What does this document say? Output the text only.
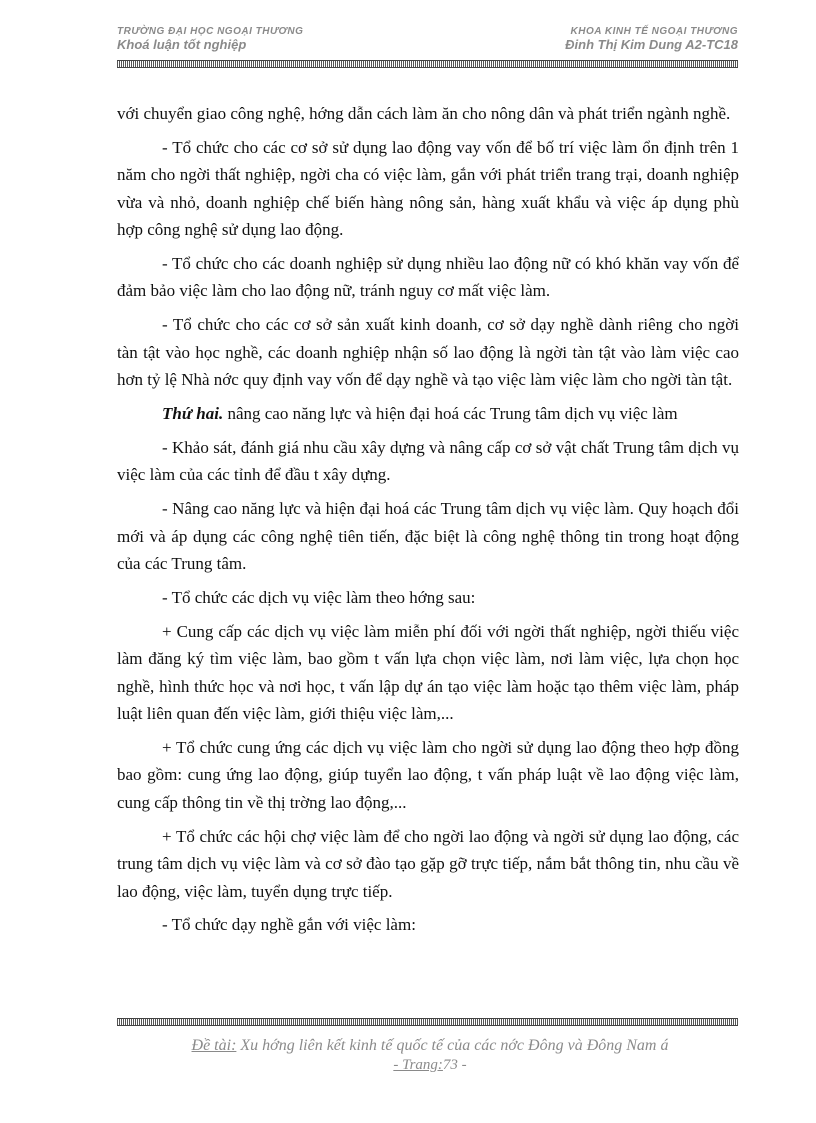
TRƯỜNG ĐẠI HỌC NGOẠI THƯƠNG
Khoá luận tốt nghiệp
KHOA KINH TẾ NGOẠI THƯƠNG
Đinh Thị Kim Dung A2-TC18

với chuyển giao công nghệ, hớng dẫn cách làm ăn cho nông dân và phát triển ngành nghề.

- Tổ chức cho các cơ sở sử dụng lao động vay vốn để bố trí việc làm ổn định trên 1 năm cho ngời thất nghiệp, ngời cha có việc làm, gắn với phát triển trang trại, doanh nghiệp vừa và nhỏ, doanh nghiệp chế biến hàng nông sản, hàng xuất khẩu và việc áp dụng phù hợp công nghệ sử dụng lao động.

- Tổ chức cho các doanh nghiệp sử dụng nhiều lao động nữ có khó khăn vay vốn để đảm bảo việc làm cho lao động nữ, tránh nguy cơ mất việc làm.

- Tổ chức cho các cơ sở sản xuất kinh doanh, cơ sở dạy nghề dành riêng cho ngời tàn tật vào học nghề, các doanh nghiệp nhận số lao động là ngời tàn tật vào làm việc cao hơn tỷ lệ Nhà nớc quy định vay vốn để dạy nghề và tạo việc làm việc làm cho ngời tàn tật.

Thứ hai. nâng cao năng lực và hiện đại hoá các Trung tâm dịch vụ việc làm

- Khảo sát, đánh giá nhu cầu xây dựng và nâng cấp cơ sở vật chất Trung tâm dịch vụ việc làm của các tỉnh để đầu t xây dựng.

- Nâng cao năng lực và hiện đại hoá các Trung tâm dịch vụ việc làm. Quy hoạch đổi mới và áp dụng các công nghệ tiên tiến, đặc biệt là công nghệ thông tin trong hoạt động của các Trung tâm.

- Tổ chức các dịch vụ việc làm theo hớng sau:

+ Cung cấp các dịch vụ việc làm miễn phí đối với ngời thất nghiệp, ngời thiếu việc làm đăng ký tìm việc làm, bao gồm t vấn lựa chọn việc làm, nơi làm việc, lựa chọn học nghề, hình thức học và nơi học, t vấn lập dự án tạo việc làm hoặc tạo thêm việc làm, pháp luật liên quan đến việc làm, giới thiệu việc làm,...

+ Tổ chức cung ứng các dịch vụ việc làm cho ngời sử dụng lao động theo hợp đồng bao gồm: cung ứng lao động, giúp tuyển lao động, t vấn pháp luật về lao động việc làm, cung cấp thông tin về thị trờng lao động,...

+ Tổ chức các hội chợ việc làm để cho ngời lao động và ngời sử dụng lao động, các trung tâm dịch vụ việc làm và cơ sở đào tạo gặp gỡ trực tiếp, nắm bắt thông tin, nhu cầu về lao động, việc làm, tuyển dụng trực tiếp.

- Tổ chức dạy nghề gắn với việc làm:

Đề tài: Xu hớng liên kết kinh tế quốc tế của các nớc Đông và Đông Nam á
- Trang:73 -
